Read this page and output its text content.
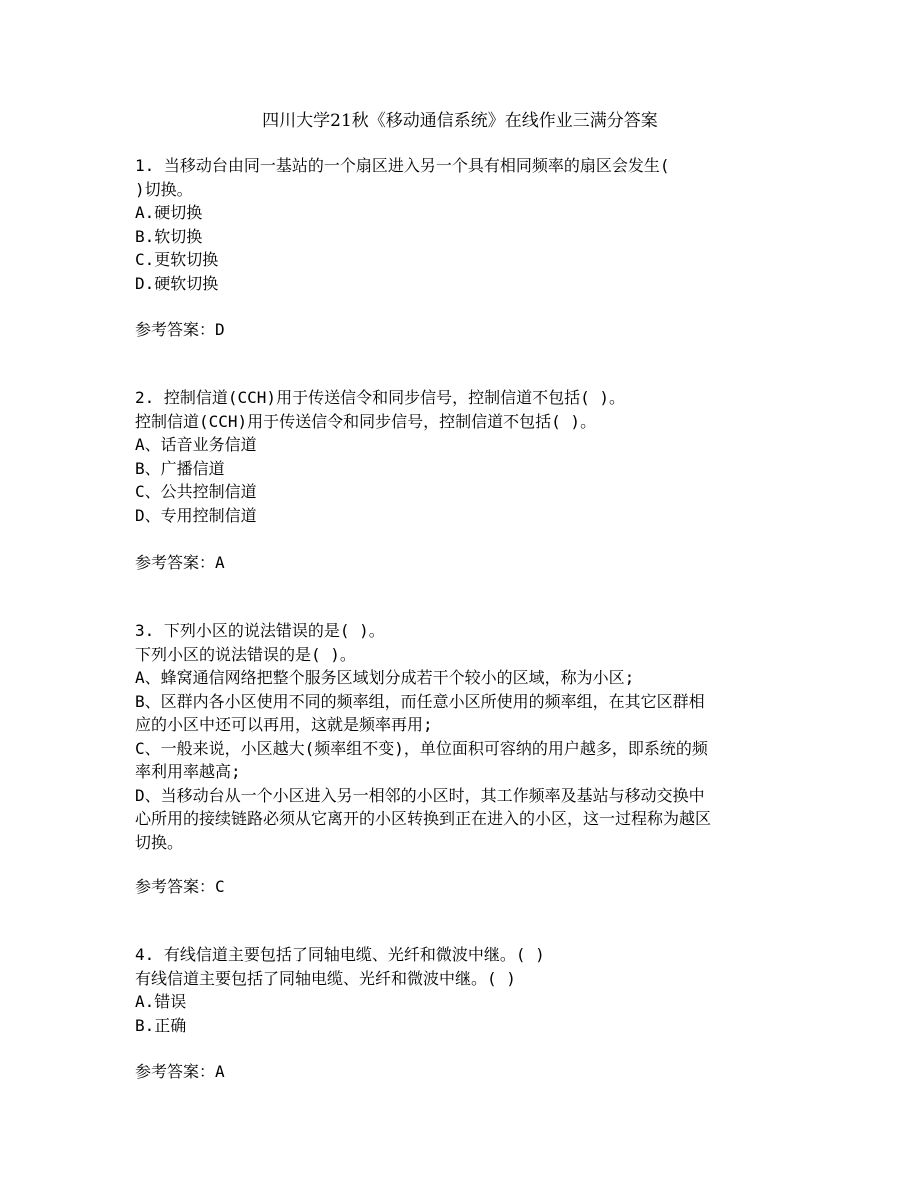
四川大学21秋《移动通信系统》在线作业三满分答案
1. 当移动台由同一基站的一个扇区进入另一个具有相同频率的扇区会发生(
)切换。
A.硬切换
B.软切换
C.更软切换
D.硬软切换
参考答案：D
2. 控制信道(CCH)用于传送信令和同步信号，控制信道不包括( )。
控制信道(CCH)用于传送信令和同步信号，控制信道不包括( )。
A、话音业务信道
B、广播信道
C、公共控制信道
D、专用控制信道
参考答案：A
3. 下列小区的说法错误的是( )。
下列小区的说法错误的是( )。
A、蜂窝通信网络把整个服务区域划分成若干个较小的区域，称为小区;
B、区群内各小区使用不同的频率组，而任意小区所使用的频率组，在其它区群相
应的小区中还可以再用，这就是频率再用;
C、一般来说，小区越大(频率组不变)，单位面积可容纳的用户越多，即系统的频
率利用率越高;
D、当移动台从一个小区进入另一相邻的小区时，其工作频率及基站与移动交换中
心所用的接续链路必须从它离开的小区转换到正在进入的小区，这一过程称为越区
切换。
参考答案：C
4. 有线信道主要包括了同轴电缆、光纤和微波中继。( )
有线信道主要包括了同轴电缆、光纤和微波中继。( )
A.错误
B.正确
参考答案：A
